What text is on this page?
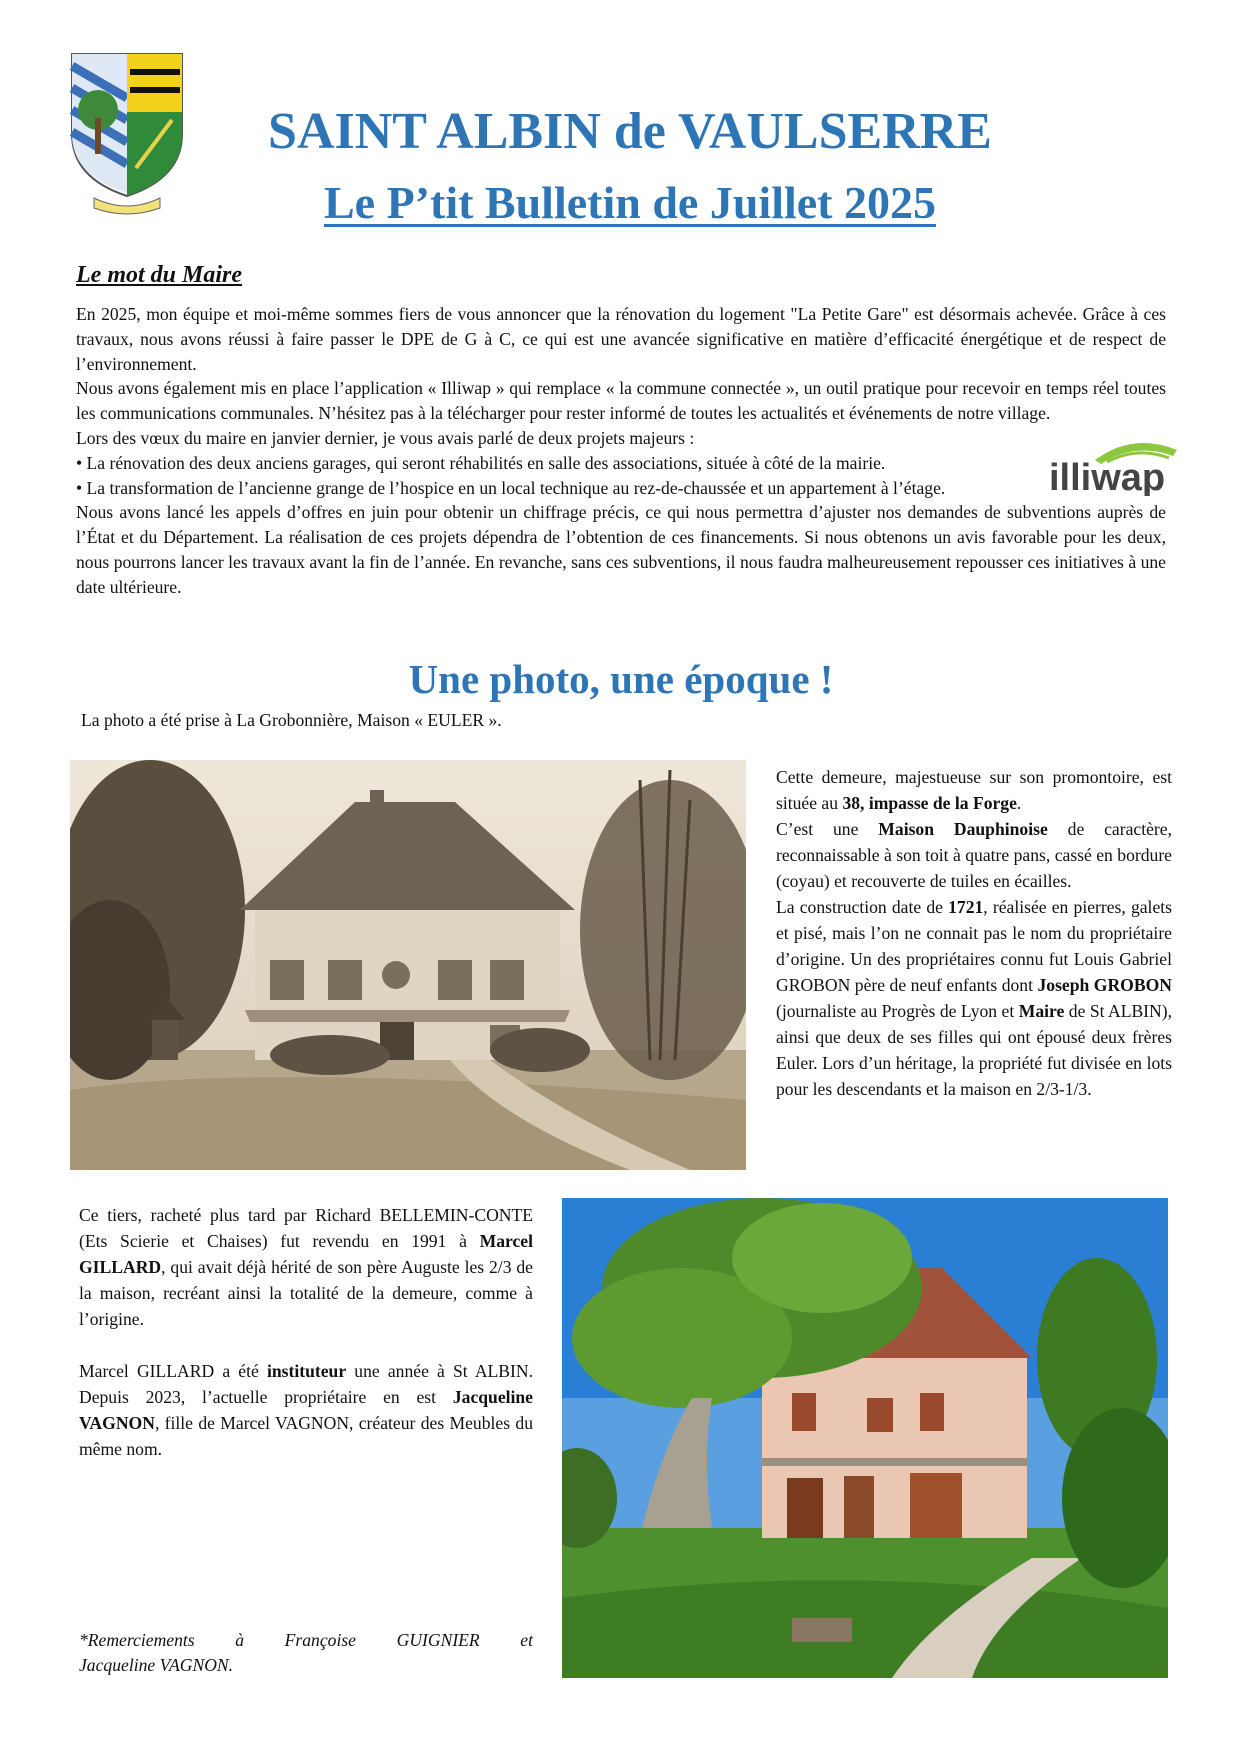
SAINT ALBIN de VAULSERRE
Le P’tit Bulletin de Juillet 2025
Le mot du Maire

En 2025, mon équipe et moi-même sommes fiers de vous annoncer que la rénovation du logement "La Petite Gare" est désormais achevée. Grâce à ces travaux, nous avons réussi à faire passer le DPE de G à C, ce qui est une avancée significative en matière d’efficacité énergétique et de respect de l’environnement.

Nous avons également mis en place l’application « Illiwap » qui remplace « la commune connectée », un outil pratique pour recevoir en temps réel toutes les communications communales. N’hésitez pas à la télécharger pour rester informé de toutes les actualités et événements de notre village.

Lors des vœux du maire en janvier dernier, je vous avais parlé de deux projets majeurs :

• La rénovation des deux anciens garages, qui seront réhabilités en salle des associations, située à côté de la mairie.

• La transformation de l’ancienne grange de l’hospice en un local technique au rez-de-chaussée et un appartement à l’étage.

Nous avons lancé les appels d’offres en juin pour obtenir un chiffrage précis, ce qui nous permettra d’ajuster nos demandes de subventions auprès de l’État et du Département. La réalisation de ces projets dépendra de l’obtention de ces financements. Si nous obtenons un avis favorable pour les deux, nous pourrons lancer les travaux avant la fin de l’année. En revanche, sans ces subventions, il nous faudra malheureusement repousser ces initiatives à une date ultérieure.

illiwap
Une photo, une époque !
La photo a été prise à La Grobonnière, Maison « EULER ».

Cette demeure, majestueuse sur son promontoire, est située au 38, impasse de la Forge.

C’est une Maison Dauphinoise de caractère, reconnaissable à son toit à quatre pans, cassé en bordure (coyau) et recouverte de tuiles en écailles.

La construction date de 1721, réalisée en pierres, galets et pisé, mais l’on ne connait pas le nom du propriétaire d’origine. Un des propriétaires connu fut Louis Gabriel GROBON père de neuf enfants dont Joseph GROBON (journaliste au Progrès de Lyon et Maire de St ALBIN), ainsi que deux de ses filles qui ont épousé deux frères Euler. Lors d’un héritage, la propriété fut divisée en lots pour les descendants et la maison en 2/3-1/3.

Ce tiers, racheté plus tard par Richard BELLEMIN-CONTE (Ets Scierie et Chaises) fut revendu en 1991 à Marcel GILLARD, qui avait déjà hérité de son père Auguste les 2/3 de la maison, recréant ainsi la totalité de la demeure, comme à l’origine.

Marcel GILLARD a été instituteur une année à St ALBIN. Depuis 2023, l’actuelle propriétaire en est Jacqueline VAGNON, fille de Marcel VAGNON, créateur des Meubles du même nom.

*Remerciements à Françoise GUIGNIER et
Jacqueline VAGNON.
